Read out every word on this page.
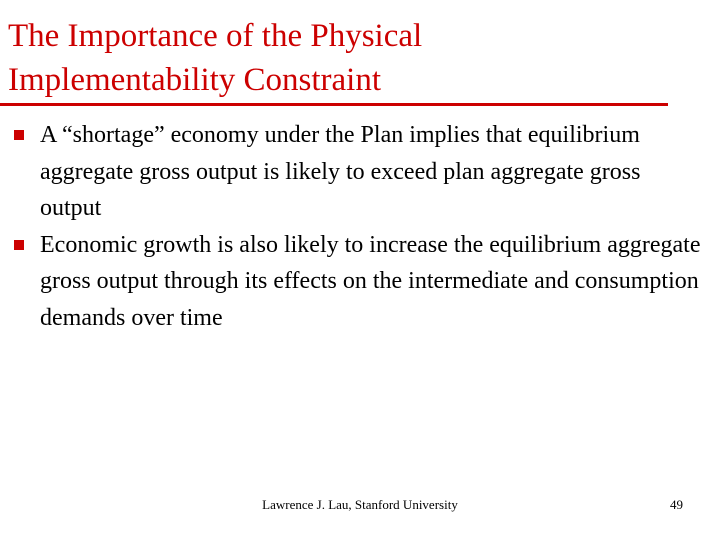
The Importance of the Physical
Implementability Constraint
A “shortage” economy under the Plan implies that equilibrium aggregate gross output is likely to exceed plan aggregate gross output
Economic growth is also likely to increase the equilibrium aggregate gross output through its effects on the intermediate and consumption demands over time
Lawrence J. Lau, Stanford University	49
